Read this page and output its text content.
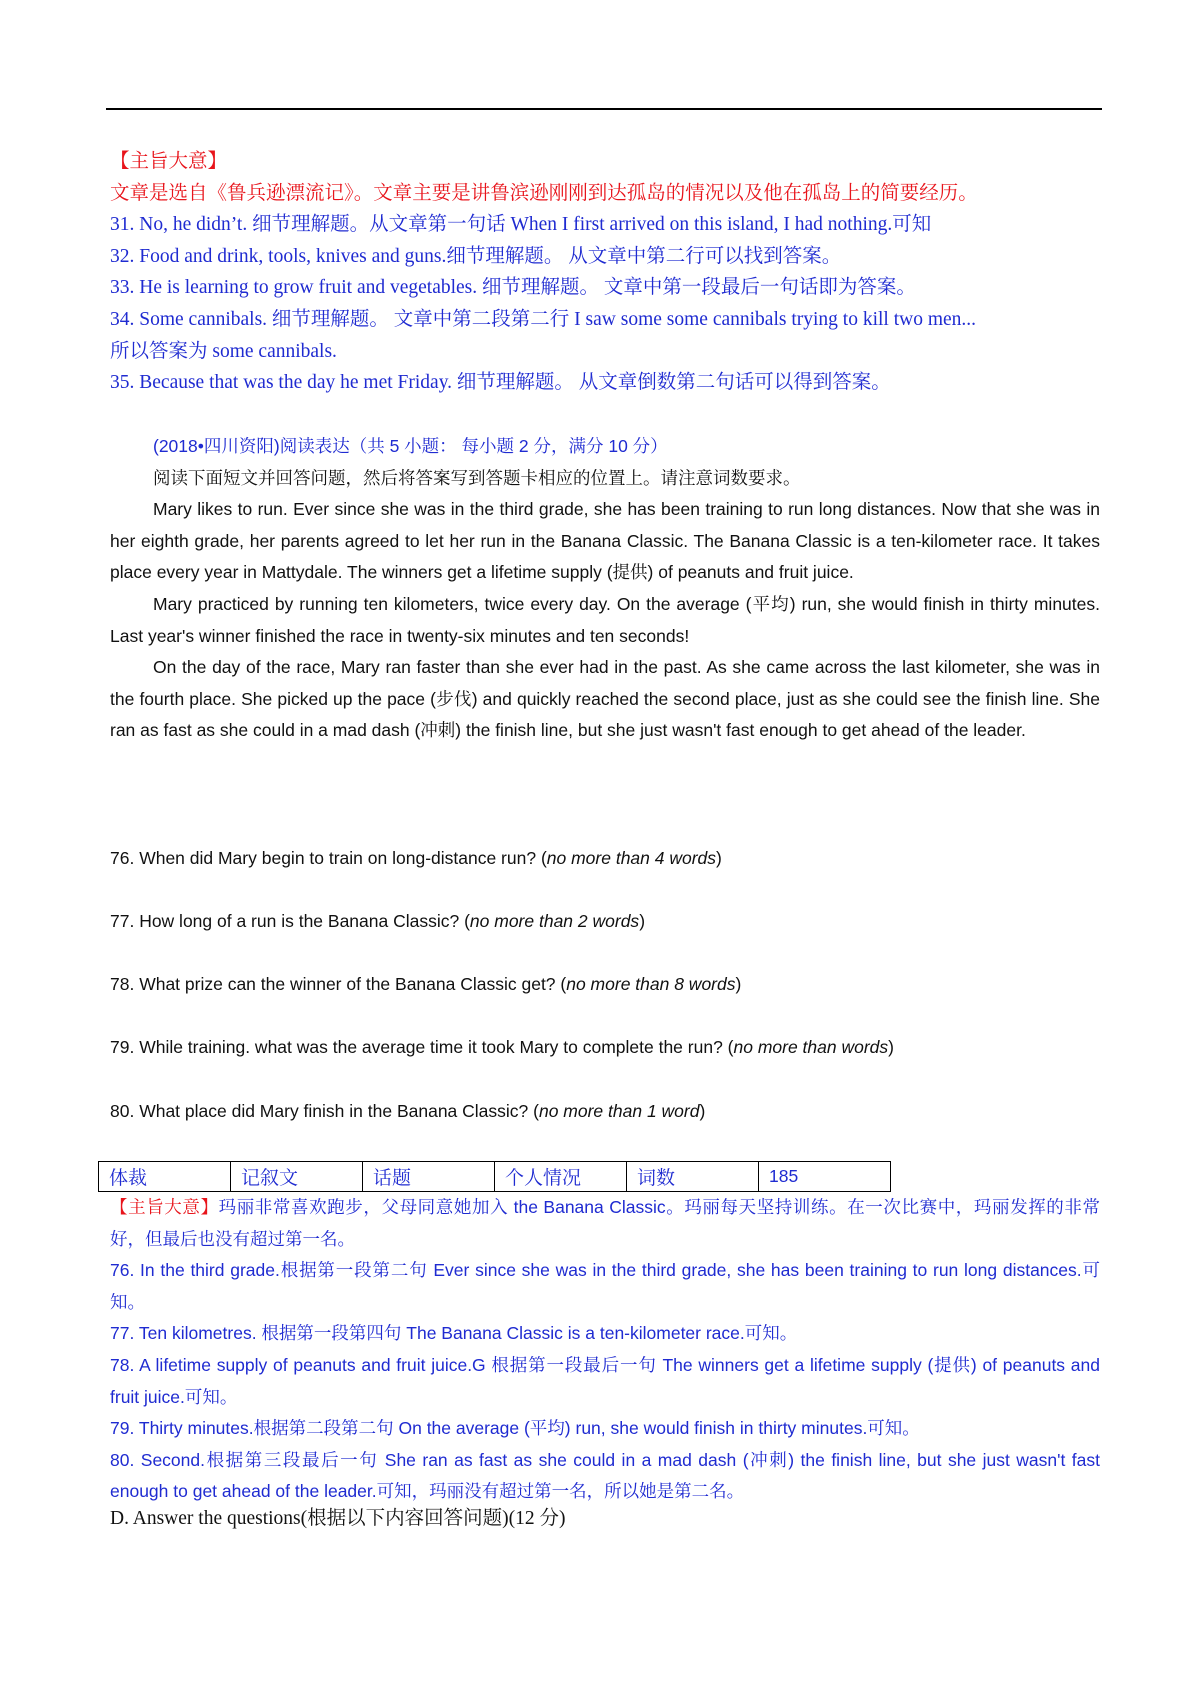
【主旨大意】

文章是选自《鲁兵逊漂流记》。文章主要是讲鲁滨逊刚刚到达孤岛的情况以及他在孤岛上的简要经历。

31. No, he didn’t. 细节理解题。从文章第一句话 When I first arrived on this island, I had nothing.可知

32. Food and drink, tools, knives and guns.细节理解题。 从文章中第二行可以找到答案。

33. He is learning to grow fruit and vegetables. 细节理解题。 文章中第一段最后一句话即为答案。

34. Some cannibals. 细节理解题。 文章中第二段第二行 I saw some some cannibals trying to kill two men...

所以答案为 some cannibals.

35. Because that was the day he met Friday. 细节理解题。 从文章倒数第二句话可以得到答案。

(2018•四川资阳)阅读表达（共 5 小题： 每小题 2 分，满分 10 分）

阅读下面短文并回答问题，然后将答案写到答题卡相应的位置上。请注意词数要求。

Mary likes to run. Ever since she was in the third grade, she has been training to run long distances. Now that she was in her eighth grade, her parents agreed to let her run in the Banana Classic. The Banana Classic is a ten-kilometer race. It takes place every year in Mattydale. The winners get a lifetime supply (提供) of peanuts and fruit juice.

Mary practiced by running ten kilometers, twice every day. On the average (平均) run, she would finish in thirty minutes. Last year's winner finished the race in twenty-six minutes and ten seconds!

On the day of the race, Mary ran faster than she ever had in the past. As she came across the last kilometer, she was in the fourth place. She picked up the pace (步伐) and quickly reached the second place, just as she could see the finish line. She ran as fast as she could in a mad dash (冲刺) the finish line, but she just wasn't fast enough to get ahead of the leader.

76. When did Mary begin to train on long-distance run? (no more than 4 words)

77. How long of a run is the Banana Classic? (no more than 2 words)

78. What prize can the winner of the Banana Classic get? (no more than 8 words)

79. While training. what was the average time it took Mary to complete the run? (no more than words)

80. What place did Mary finish in the Banana Classic? (no more than 1 word)

体裁	记叙文	话题	个人情况	词数	185

【主旨大意】玛丽非常喜欢跑步，父母同意她加入 the Banana Classic。玛丽每天坚持训练。在一次比赛中，玛丽发挥的非常好，但最后也没有超过第一名。

76. In the third grade.根据第一段第二句 Ever since she was in the third grade, she has been training to run long distances.可知。

77. Ten kilometres. 根据第一段第四句 The Banana Classic is a ten-kilometer race.可知。

78. A lifetime supply of peanuts and fruit juice.G 根据第一段最后一句 The winners get a lifetime supply (提供) of peanuts and fruit juice.可知。

79. Thirty minutes.根据第二段第二句 On the average (平均) run, she would finish in thirty minutes.可知。

80. Second.根据第三段最后一句 She ran as fast as she could in a mad dash (冲刺) the finish line, but she just wasn't fast enough to get ahead of the leader.可知，玛丽没有超过第一名，所以她是第二名。

D. Answer the questions(根据以下内容回答问题)(12 分)
